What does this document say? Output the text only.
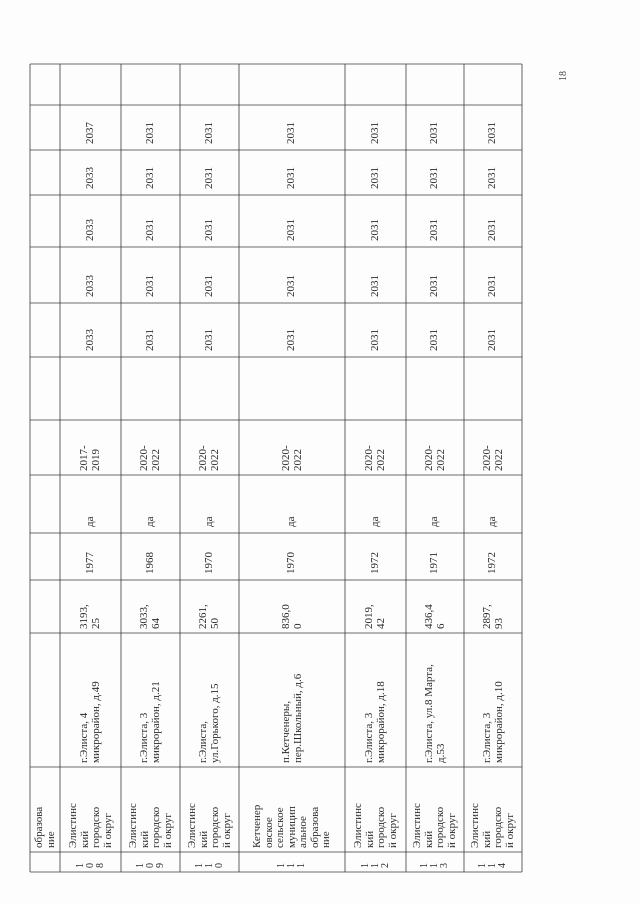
образова ние
1 0 8
Элистинс кий городско й округ
г.Элиста, 4 микрорайон, д.49
3193, 25
1977
да
2017- 2019
2033
2033
2033
2033
2037
1 0 9
Элистинс кий городско й округ
г.Элиста, 3 микрорайон, д.21
3033, 64
1968
да
2020- 2022
2031
2031
2031
2031
2031
1 1 0
Элистинс кий городско й округ
г.Элиста, ул.Горького, д.15
2261, 50
1970
да
2020- 2022
2031
2031
2031
2031
2031
1 1 1
Кетченер овское сельское муницип альное образова ние
п.Кетченеры, пер.Школьный, д.6
836,0 0
1970
да
2020- 2022
2031
2031
2031
2031
2031
1 1 2
Элистинс кий городско й округ
г.Элиста, 3 микрорайон, д.18
2019, 42
1972
да
2020- 2022
2031
2031
2031
2031
2031
1 1 3
Элистинс кий городско й округ
г.Элиста, ул.8 Марта, д.53
436,4 6
1971
да
2020- 2022
2031
2031
2031
2031
2031
1 1 4
Элистинс кий городско й округ
г.Элиста, 3 микрорайон, д.10
2897, 93
1972
да
2020- 2022
2031
2031
2031
2031
2031
18
